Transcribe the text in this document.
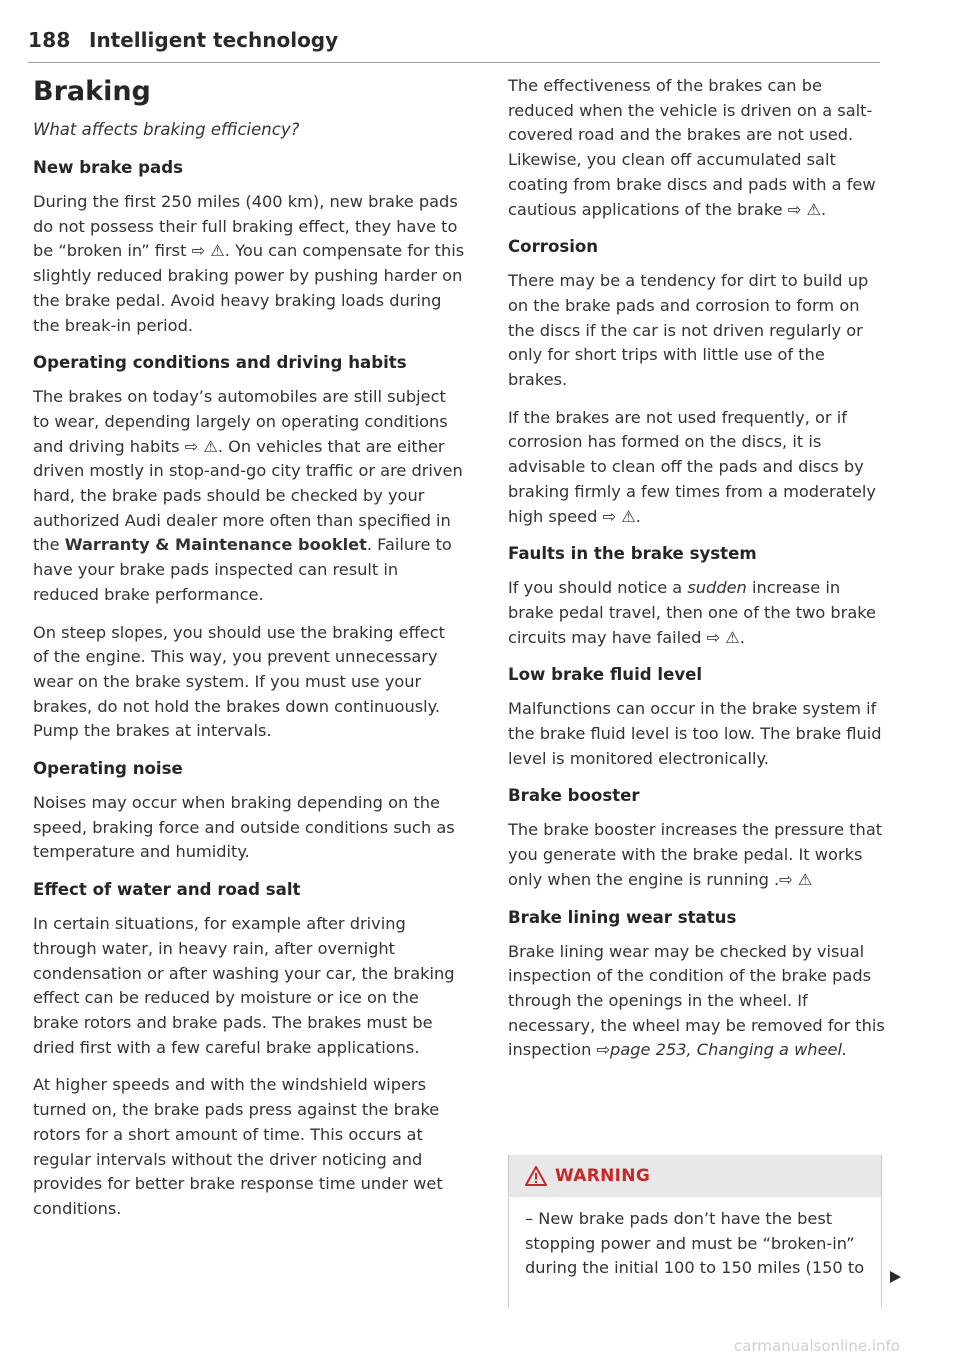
188 Intelligent technology
Braking
What affects braking efficiency?
New brake pads

During the first 250 miles (400 km), new brake pads do not possess their full braking effect, they have to be “broken in” first ⇨ ⚠. You can compensate for this slightly reduced braking power by pushing harder on the brake pedal. Avoid heavy braking loads during the break-in period.

Operating conditions and driving habits

The brakes on today’s automobiles are still subject to wear, depending largely on operating conditions and driving habits ⇨ ⚠. On vehicles that are either driven mostly in stop-and-go city traffic or are driven hard, the brake pads should be checked by your authorized Audi dealer more often than specified in the Warranty & Maintenance booklet. Failure to have your brake pads inspected can result in reduced brake performance.

On steep slopes, you should use the braking effect of the engine. This way, you prevent unnecessary wear on the brake system. If you must use your brakes, do not hold the brakes down continuously. Pump the brakes at intervals.

Operating noise

Noises may occur when braking depending on the speed, braking force and outside conditions such as temperature and humidity.

Effect of water and road salt

In certain situations, for example after driving through water, in heavy rain, after overnight condensation or after washing your car, the braking effect can be reduced by moisture or ice on the brake rotors and brake pads. The brakes must be dried first with a few careful brake applications.

At higher speeds and with the windshield wipers turned on, the brake pads press against the brake rotors for a short amount of time. This occurs at regular intervals without the driver noticing and provides for better brake response time under wet conditions.

The effectiveness of the brakes can be reduced when the vehicle is driven on a salt-covered road and the brakes are not used. Likewise, you clean off accumulated salt coating from brake discs and pads with a few cautious applications of the brake ⇨ ⚠.

Corrosion

There may be a tendency for dirt to build up on the brake pads and corrosion to form on the discs if the car is not driven regularly or only for short trips with little use of the brakes.

If the brakes are not used frequently, or if corrosion has formed on the discs, it is advisable to clean off the pads and discs by braking firmly a few times from a moderately high speed ⇨ ⚠.

Faults in the brake system

If you should notice a sudden increase in brake pedal travel, then one of the two brake circuits may have failed ⇨ ⚠.

Low brake fluid level

Malfunctions can occur in the brake system if the brake fluid level is too low. The brake fluid level is monitored electronically.

Brake booster

The brake booster increases the pressure that you generate with the brake pedal. It works only when the engine is running .⇨ ⚠

Brake lining wear status

Brake lining wear may be checked by visual inspection of the condition of the brake pads through the openings in the wheel. If necessary, the wheel may be removed for this inspection ⇨page 253, Changing a wheel.

WARNING
– New brake pads don’t have the best stopping power and must be “broken-in” during the initial 100 to 150 miles (150 to
carmanualsonline.info
